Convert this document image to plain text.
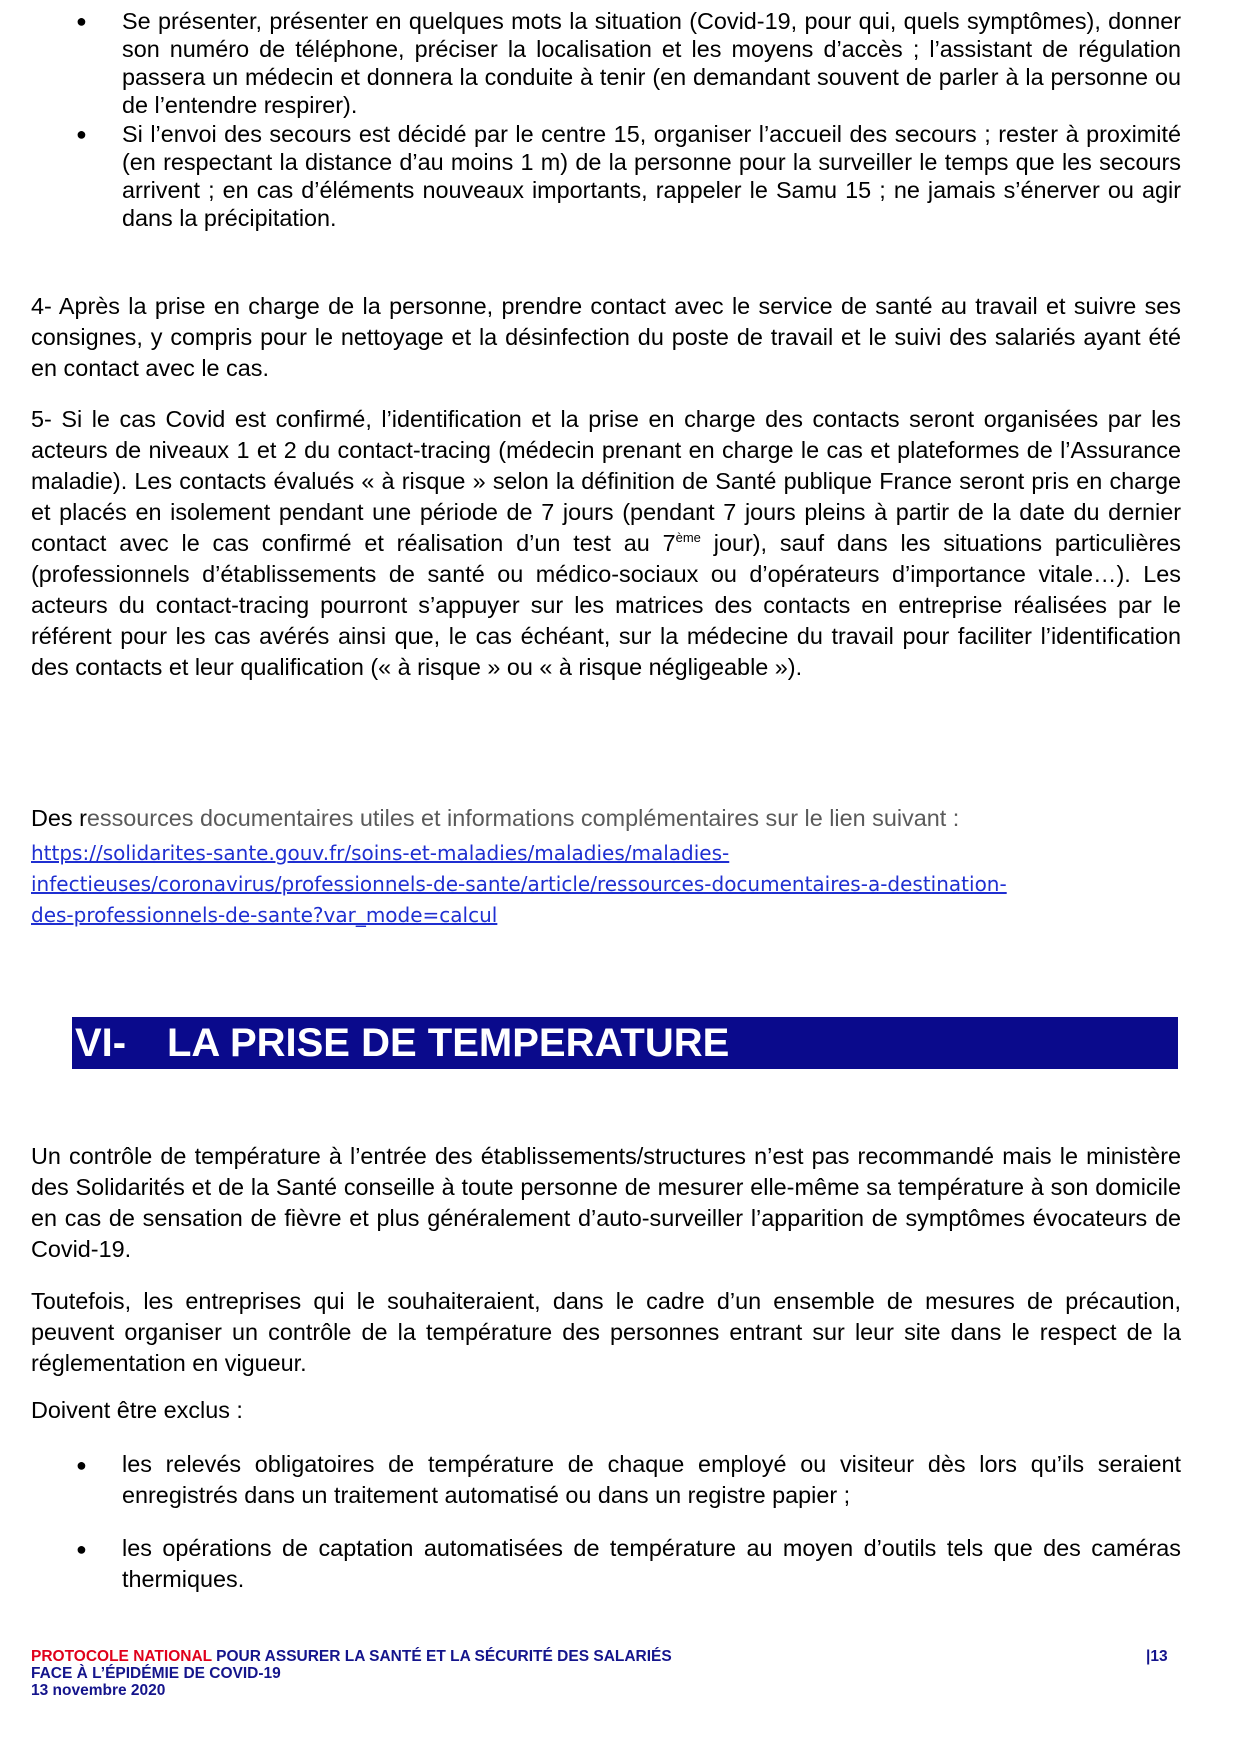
● Se présenter, présenter en quelques mots la situation (Covid-19, pour qui, quels symptômes), donner son numéro de téléphone, préciser la localisation et les moyens d’accès ; l’assistant de régulation passera un médecin et donnera la conduite à tenir (en demandant souvent de parler à la personne ou de l’entendre respirer).
● Si l’envoi des secours est décidé par le centre 15, organiser l’accueil des secours ; rester à proximité (en respectant la distance d’au moins 1 m) de la personne pour la surveiller le temps que les secours arrivent ; en cas d’éléments nouveaux importants, rappeler le Samu 15 ; ne jamais s’énerver ou agir dans la précipitation.
4- Après la prise en charge de la personne, prendre contact avec le service de santé au travail et suivre ses consignes, y compris pour le nettoyage et la désinfection du poste de travail et le suivi des salariés ayant été en contact avec le cas.
5- Si le cas Covid est confirmé, l’identification et la prise en charge des contacts seront organisées par les acteurs de niveaux 1 et 2 du contact-tracing (médecin prenant en charge le cas et plateformes de l’Assurance maladie). Les contacts évalués « à risque » selon la définition de Santé publique France seront pris en charge et placés en isolement pendant une période de 7 jours (pendant 7 jours pleins à partir de la date du dernier contact avec le cas confirmé et réalisation d’un test au 7ème jour), sauf dans les situations particulières (professionnels d’établissements de santé ou médico-sociaux ou d’opérateurs d’importance vitale…). Les acteurs du contact-tracing pourront s’appuyer sur les matrices des contacts en entreprise réalisées par le référent pour les cas avérés ainsi que, le cas échéant, sur la médecine du travail pour faciliter l’identification des contacts et leur qualification (« à risque » ou « à risque négligeable »).
Des ressources documentaires utiles et informations complémentaires sur le lien suivant :
https://solidarites-sante.gouv.fr/soins-et-maladies/maladies/maladies-
infectieuses/coronavirus/professionnels-de-sante/article/ressources-documentaires-a-destination-
des-professionnels-de-sante?var_mode=calcul
VI- LA PRISE DE TEMPERATURE
Un contrôle de température à l’entrée des établissements/structures n’est pas recommandé mais le ministère des Solidarités et de la Santé conseille à toute personne de mesurer elle-même sa température à son domicile en cas de sensation de fièvre et plus généralement d’auto-surveiller l’apparition de symptômes évocateurs de Covid-19.
Toutefois, les entreprises qui le souhaiteraient, dans le cadre d’un ensemble de mesures de précaution, peuvent organiser un contrôle de la température des personnes entrant sur leur site dans le respect de la réglementation en vigueur.
Doivent être exclus :
● les relevés obligatoires de température de chaque employé ou visiteur dès lors qu’ils seraient enregistrés dans un traitement automatisé ou dans un registre papier ;
● les opérations de captation automatisées de température au moyen d’outils tels que des caméras thermiques.
PROTOCOLE NATIONAL POUR ASSURER LA SANTÉ ET LA SÉCURITÉ DES SALARIÉS
FACE À L’ÉPIDÉMIE DE COVID-19
13 novembre 2020
|13
